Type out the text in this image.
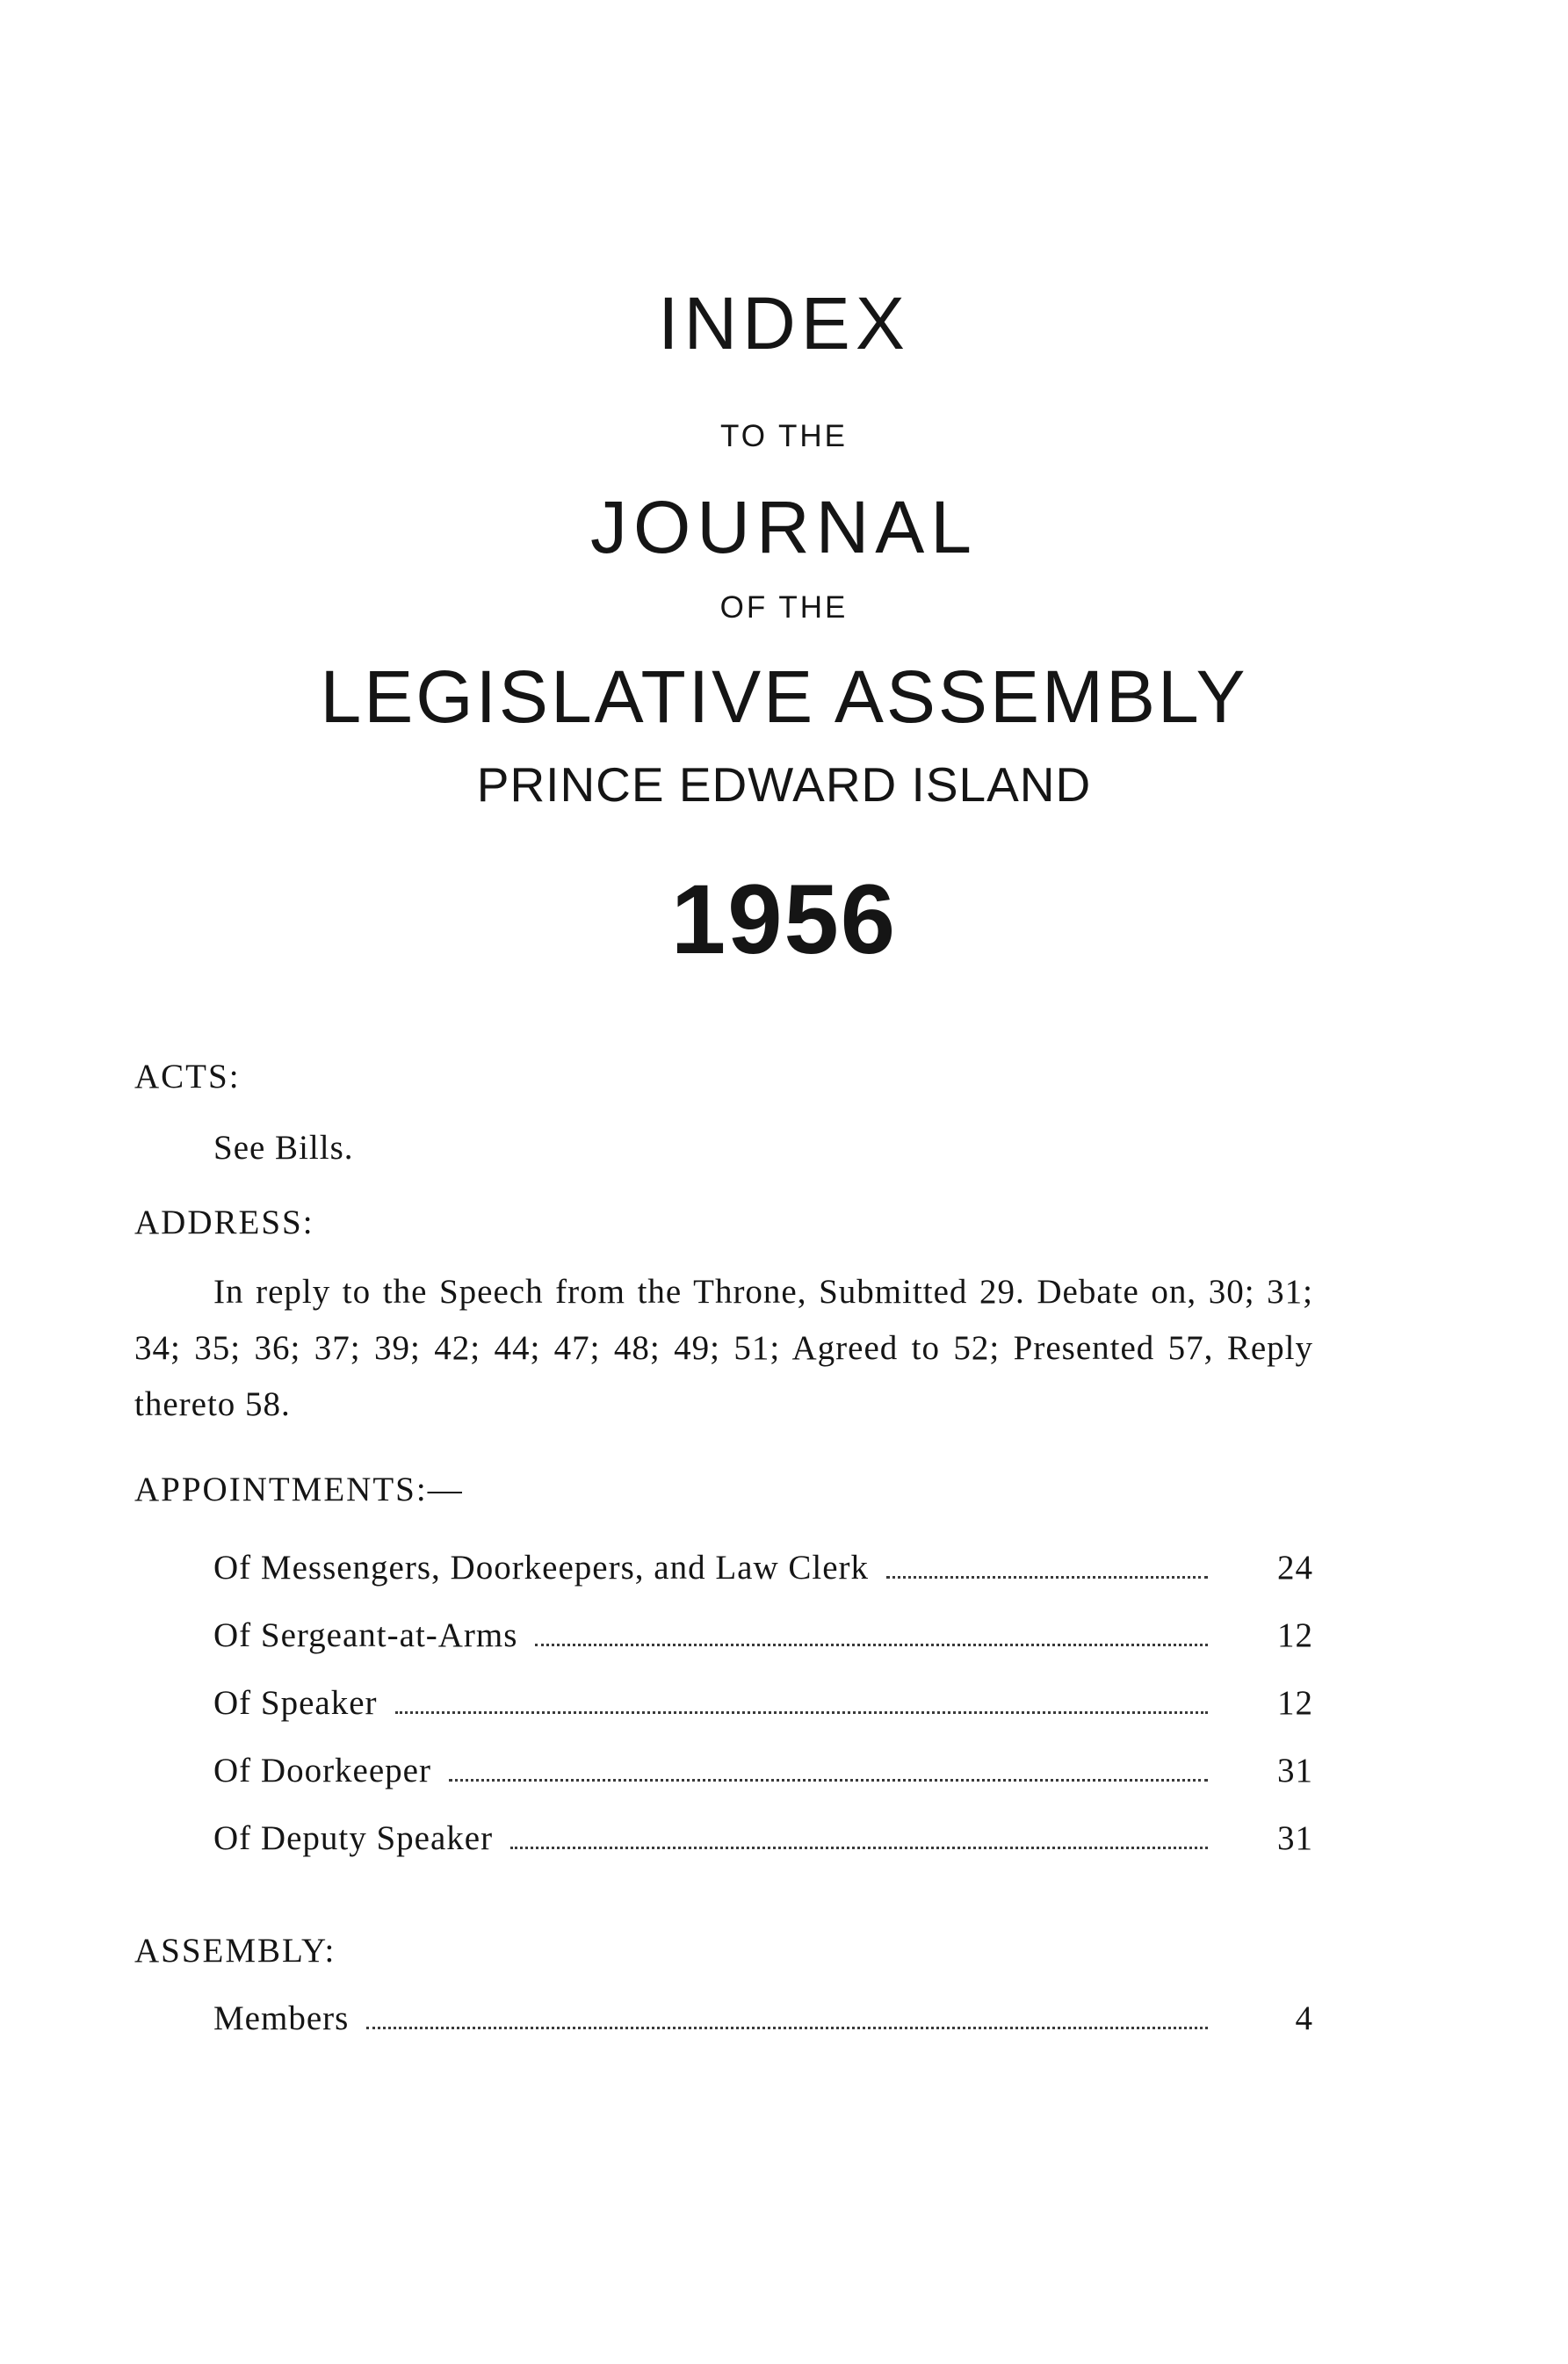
INDEX
TO THE
JOURNAL
OF THE
LEGISLATIVE ASSEMBLY
PRINCE EDWARD ISLAND
1956
ACTS:
See Bills.
ADDRESS:
In reply to the Speech from the Throne, Submitted 29. Debate on, 30; 31; 34; 35; 36; 37; 39; 42; 44; 47; 48; 49; 51; Agreed to 52; Presented 57, Reply thereto 58.
APPOINTMENTS:—
Of Messengers, Doorkeepers, and Law Clerk	24
Of Sergeant-at-Arms	12
Of Speaker	12
Of Doorkeeper	31
Of Deputy Speaker	31
ASSEMBLY:
Members	4
